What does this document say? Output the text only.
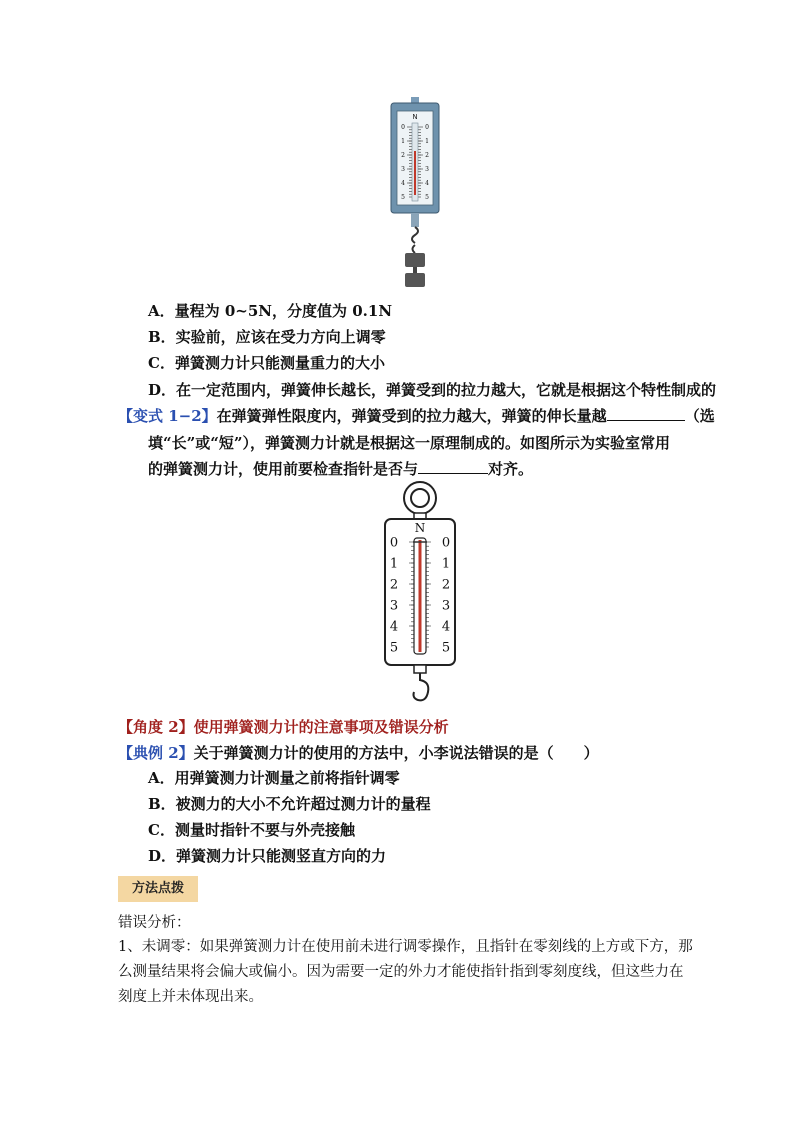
N
0	0
1	1
2	2
3	3
4	4
5	5
A．量程为 0~5N，分度值为 0.1N
B．实验前，应该在受力方向上调零
C．弹簧测力计只能测量重力的大小
D．在一定范围内，弹簧伸长越长，弹簧受到的拉力越大，它就是根据这个特性制成的
【变式 1−2】在弹簧弹性限度内，弹簧受到的拉力越大，弹簧的伸长量越	（选
填“长”或“短”），弹簧测力计就是根据这一原理制成的。如图所示为实验室常用
的弹簧测力计，使用前要检查指针是否与	对齐。
N
0	0
1	1
2	2
3	3
4	4
5	5
【角度 2】使用弹簧测力计的注意事项及错误分析
【典例 2】关于弹簧测力计的使用的方法中，小李说法错误的是（　　）
A．用弹簧测力计测量之前将指针调零
B．被测力的大小不允许超过测力计的量程
C．测量时指针不要与外壳接触
D．弹簧测力计只能测竖直方向的力
方法点拨
错误分析：
1、未调零：如果弹簧测力计在使用前未进行调零操作，且指针在零刻线的上方或下方，那
么测量结果将会偏大或偏小。因为需要一定的外力才能使指针指到零刻度线，但这些力在
刻度上并未体现出来。
